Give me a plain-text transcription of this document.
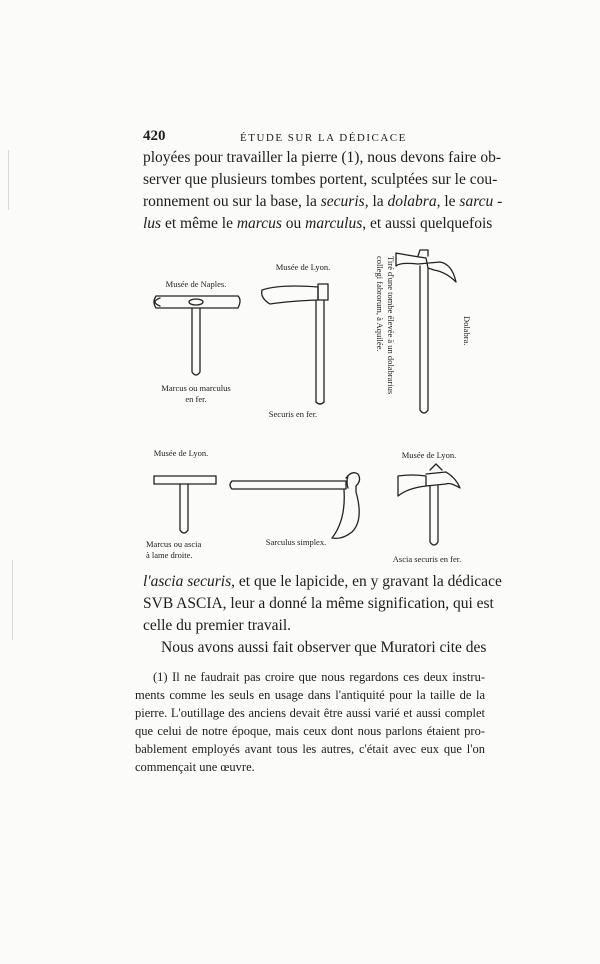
420	ÉTUDE SUR LA DÉDICACE
ployées pour travailler la pierre (1), nous devons faire ob-
server que plusieurs tombes portent, sculptées sur le cou-
ronnement ou sur la base, la securis, la dolabra, le sarcu -
lus et même le marcus ou marculus, et aussi quelquefois
Musée de Naples.
Marcus ou marculus
en fer.
Musée de Lyon.
Securis en fer.
Tiré d'une tombe élevée à un dolabrarius
collegi fabrorum, à Aquilée.	Dolabra.
Musée de Lyon.
Marcus ou ascia
à lame droite.
Sarculus simplex.
Musée de Lyon.
Ascia securis en fer.
l'ascia securis, et que le lapicide, en y gravant la dédicace
SVB ASCIA, leur a donné la même signification, qui est
celle du premier travail.
Nous avons aussi fait observer que Muratori cite des
(1) Il ne faudrait pas croire que nous regardons ces deux instru-
ments comme les seuls en usage dans l'antiquité pour la taille de la
pierre. L'outillage des anciens devait être aussi varié et aussi complet
que celui de notre époque, mais ceux dont nous parlons étaient pro-
bablement employés avant tous les autres, c'était avec eux que l'on
commençait une œuvre.
